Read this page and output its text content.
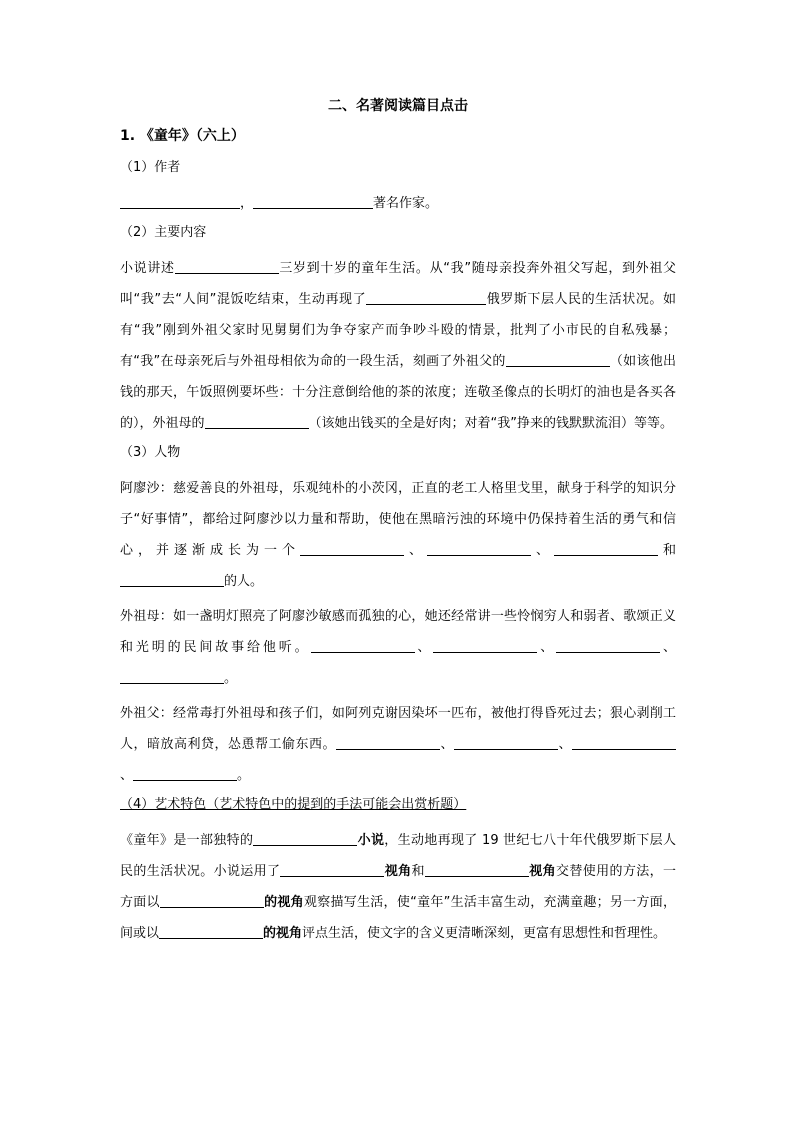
二、名著阅读篇目点击
1. 《童年》（六上）
（1）作者
，	著名作家。
（2）主要内容
小说讲述	三岁到十岁的童年生活。从“我”随母亲投奔外祖父写起，到外祖父叫“我”去“人间”混饭吃结束，生动再现了	俄罗斯下层人民的生活状况。如有“我”刚到外祖父家时见舅舅们为争夺家产而争吵斗殴的情景，批判了小市民的自私残暴；有“我”在母亲死后与外祖母相依为命的一段生活，刻画了外祖父的	（如该他出钱的那天，午饭照例要坏些：十分注意倒给他的茶的浓度；连敬圣像点的长明灯的油也是各买各的），外祖母的	（该她出钱买的全是好肉；对着“我”挣来的钱默默流泪）等等。
（3）人物
阿廖沙：慈爱善良的外祖母，乐观纯朴的小茨冈，正直的老工人格里戈里，献身于科学的知识分子“好事情”，都给过阿廖沙以力量和帮助，使他在黑暗污浊的环境中仍保持着生活的勇气和信心，并逐渐成长为一个	、	、	和的人。
外祖母：如一盏明灯照亮了阿廖沙敏感而孤独的心，她还经常讲一些怜悯穷人和弱者、歌颂正义和光明的民间故事给他听。	、	、	、。
外祖父：经常毒打外祖母和孩子们，如阿列克谢因染坏一匹布，被他打得昏死过去；狠心剥削工人，暗放高利贷，怂恿帮工偷东西。	、	、、	。
（4）艺术特色（艺术特色中的提到的手法可能会出赏析题）
《童年》是一部独特的	小说，生动地再现了 19 世纪七八十年代俄罗斯下层人民的生活状况。小说运用了	视角和	视角交替使用的方法，一方面以	的视角观察描写生活，使“童年”生活丰富生动，充满童趣；另一方面，间或以	的视角评点生活，使文字的含义更清晰深刻，更富有思想性和哲理性。
